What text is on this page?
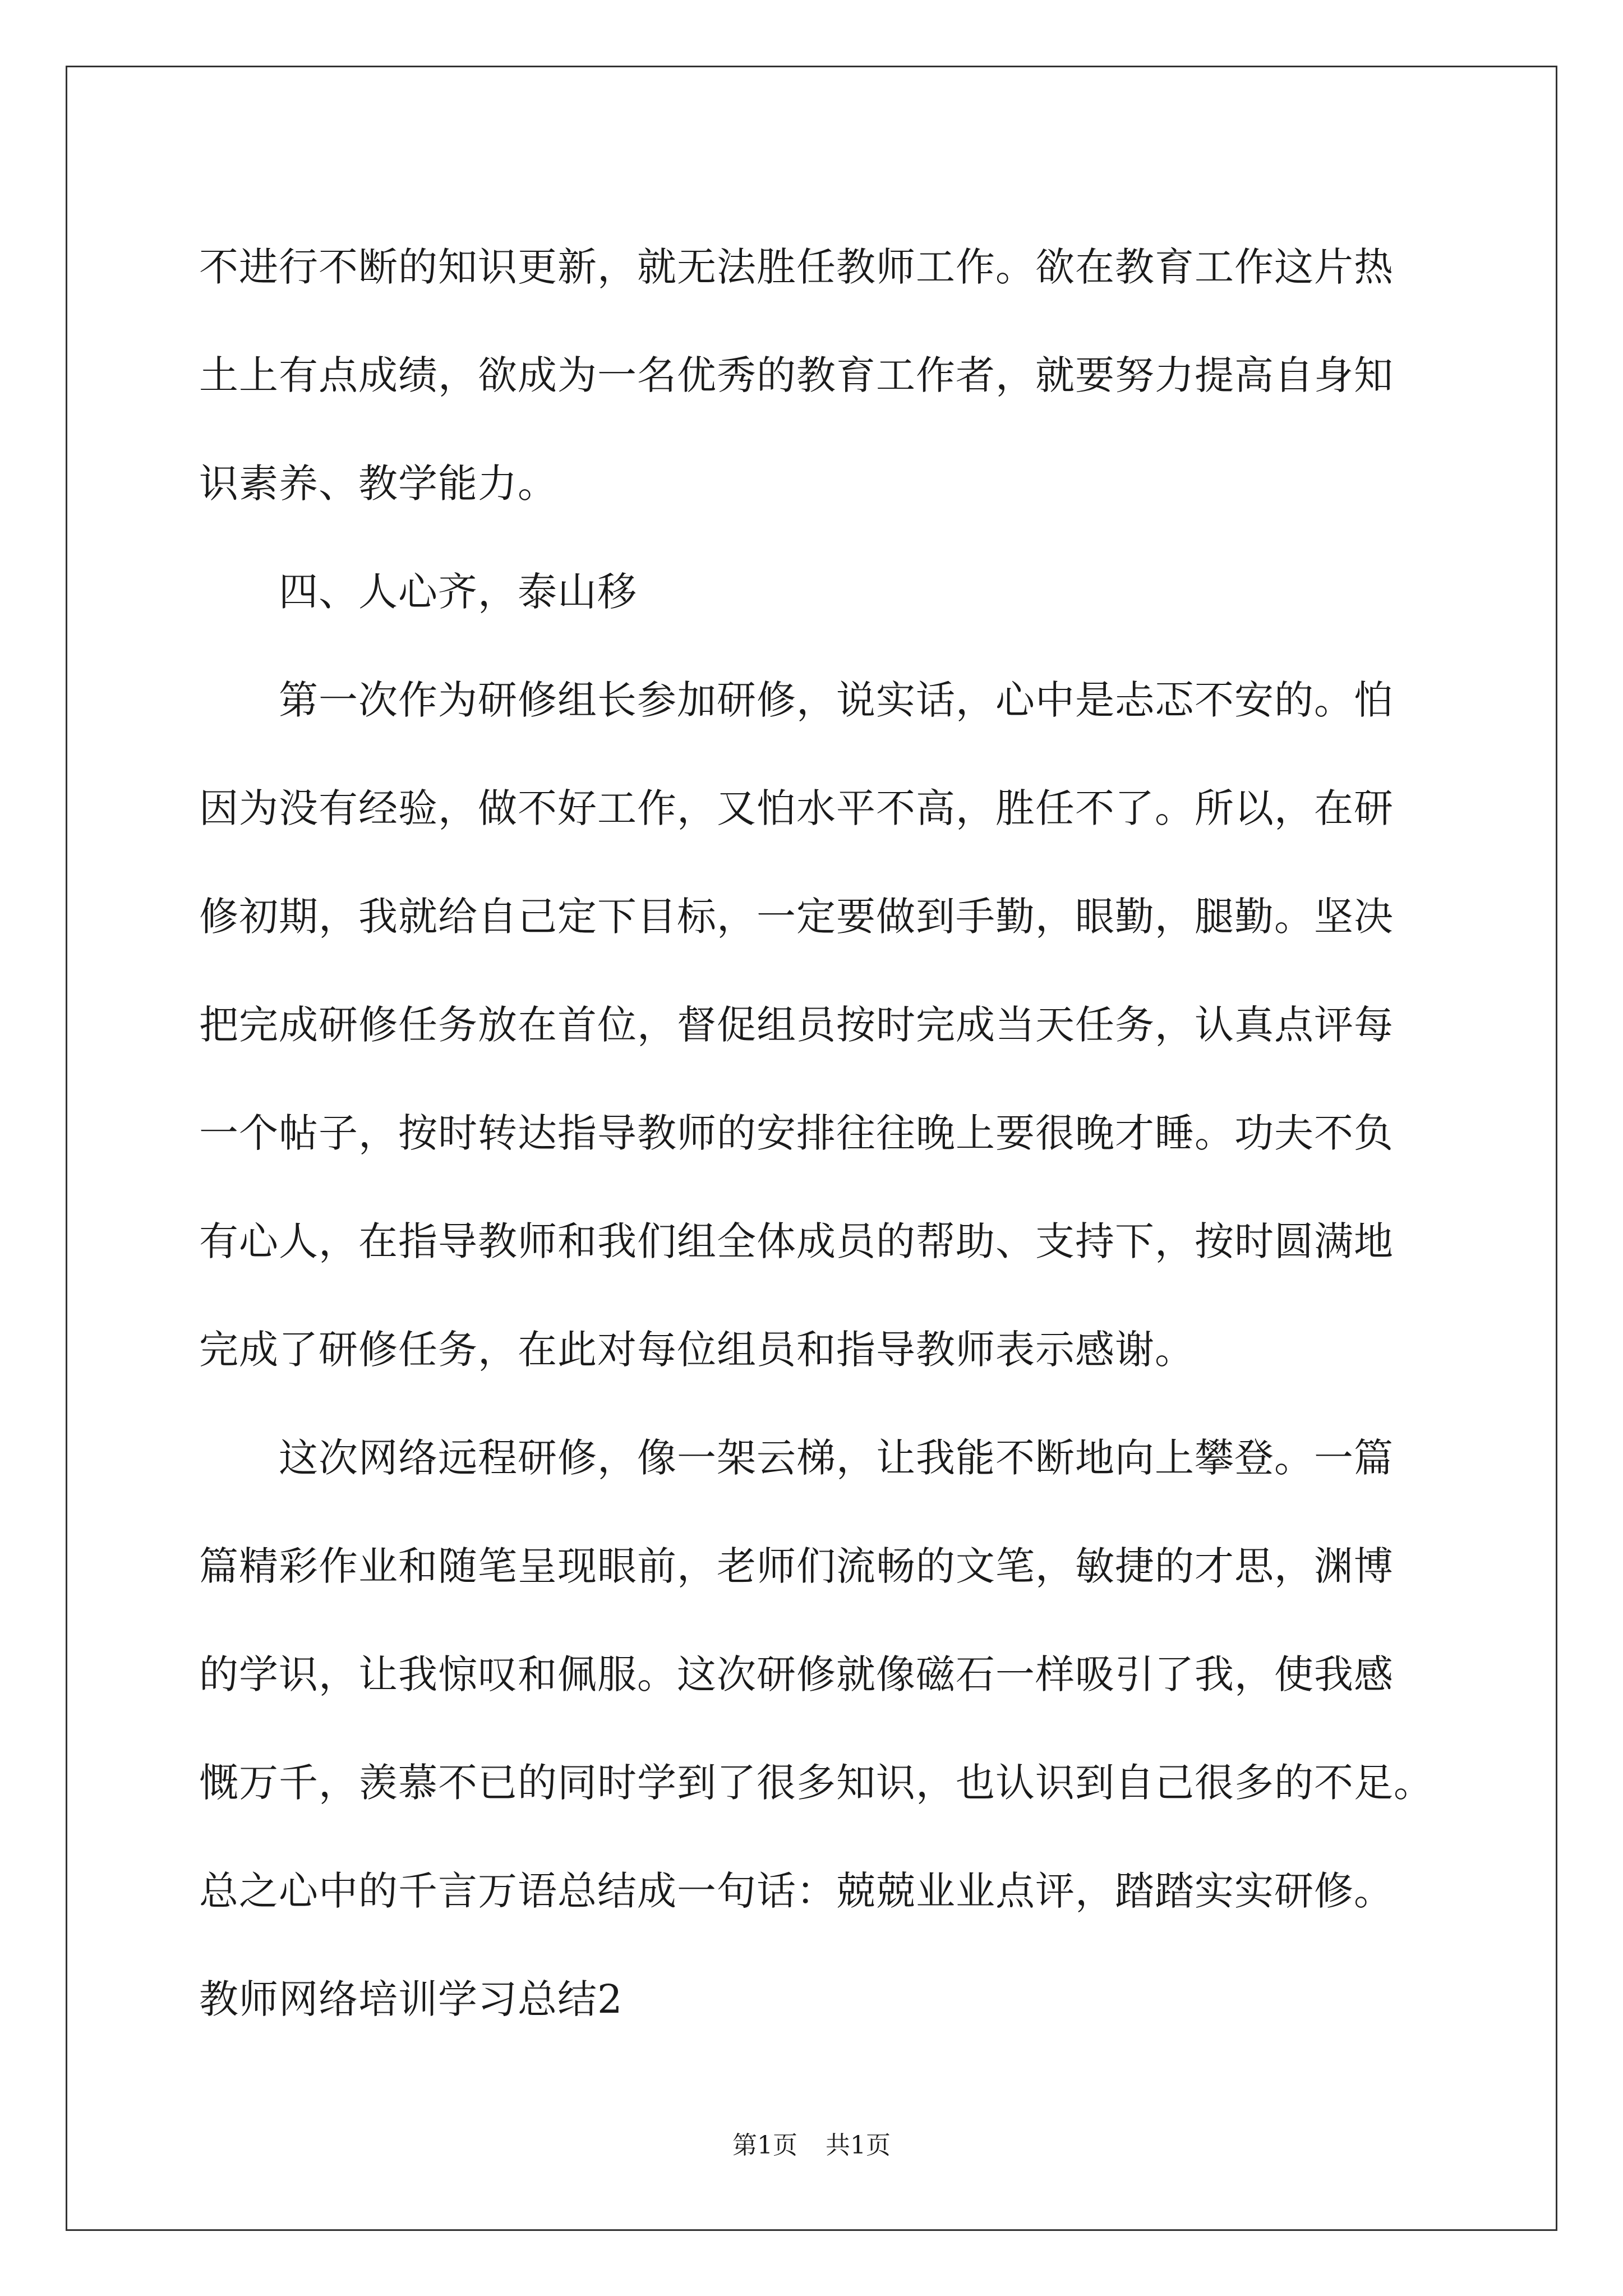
不进行不断的知识更新，就无法胜任教师工作。欲在教育工作这片热
土上有点成绩，欲成为一名优秀的教育工作者，就要努力提高自身知
识素养、教学能力。
四、人心齐，泰山移
第一次作为研修组长参加研修，说实话，心中是忐忑不安的。怕
因为没有经验，做不好工作，又怕水平不高，胜任不了。所以，在研
修初期，我就给自己定下目标，一定要做到手勤，眼勤，腿勤。坚决
把完成研修任务放在首位，督促组员按时完成当天任务，认真点评每
一个帖子，按时转达指导教师的安排往往晚上要很晚才睡。功夫不负
有心人，在指导教师和我们组全体成员的帮助、支持下，按时圆满地
完成了研修任务，在此对每位组员和指导教师表示感谢。
这次网络远程研修，像一架云梯，让我能不断地向上攀登。一篇
篇精彩作业和随笔呈现眼前，老师们流畅的文笔，敏捷的才思，渊博
的学识，让我惊叹和佩服。这次研修就像磁石一样吸引了我，使我感
慨万千，羡慕不已的同时学到了很多知识，也认识到自己很多的不足。
总之心中的千言万语总结成一句话：兢兢业业点评，踏踏实实研修。
教师网络培训学习总结2
第1页 共1页
